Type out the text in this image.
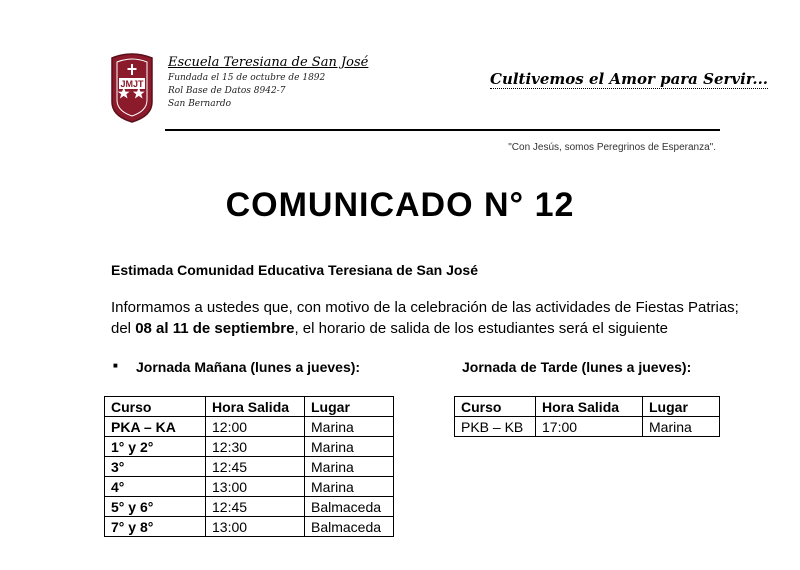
JMJT
Escuela Teresiana de San José
Fundada el 15 de octubre de 1892
Rol Base de Datos 8942-7
San Bernardo
Cultivemos el Amor para Servir...
"Con Jesús, somos Peregrinos de Esperanza".
COMUNICADO N° 12
Estimada Comunidad Educativa Teresiana de San José
Informamos a ustedes que, con motivo de la celebración de las actividades de Fiestas Patrias;
del 08 al 11 de septiembre, el horario de salida de los estudiantes será el siguiente
■ Jornada Mañana (lunes a jueves):	Jornada de Tarde (lunes a jueves):
Curso	Hora Salida	Lugar
PKA – KA	12:00	Marina
1° y 2°	12:30	Marina
3°	12:45	Marina
4°	13:00	Marina
5° y 6°	12:45	Balmaceda
7° y 8°	13:00	Balmaceda
Curso	Hora Salida	Lugar
PKB – KB	17:00	Marina
